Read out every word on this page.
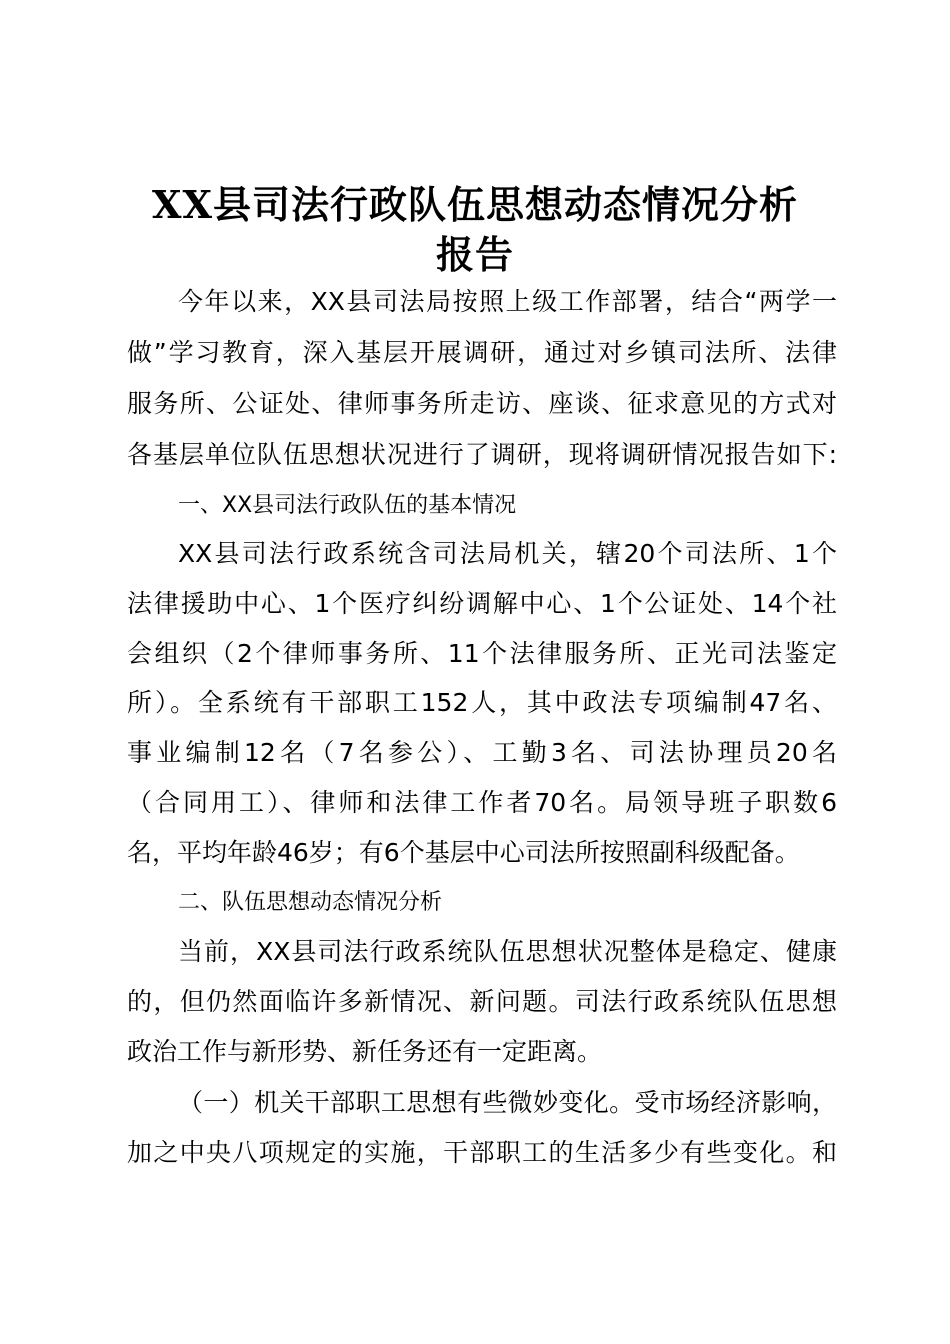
XX县司法行政队伍思想动态情况分析
报告
今年以来，XX县司法局按照上级工作部署，结合“两学一
做”学习教育，深入基层开展调研，通过对乡镇司法所、法律
服务所、公证处、律师事务所走访、座谈、征求意见的方式对
各基层单位队伍思想状况进行了调研，现将调研情况报告如下:
一、XX县司法行政队伍的基本情况
XX县司法行政系统含司法局机关，辖20个司法所、1个
法律援助中心、1个医疗纠纷调解中心、1个公证处、14个社
会组织（2个律师事务所、11个法律服务所、正光司法鉴定
所）。全系统有干部职工152人，其中政法专项编制47名、
事业编制12名（7名参公）、工勤3名、司法协理员20名
（合同用工）、律师和法律工作者70名。局领导班子职数6
名，平均年龄46岁；有6个基层中心司法所按照副科级配备。
二、队伍思想动态情况分析
当前，XX县司法行政系统队伍思想状况整体是稳定、健康
的，但仍然面临许多新情况、新问题。司法行政系统队伍思想
政治工作与新形势、新任务还有一定距离。
（一）机关干部职工思想有些微妙变化。受市场经济影响，
加之中央八项规定的实施，干部职工的生活多少有些变化。和
